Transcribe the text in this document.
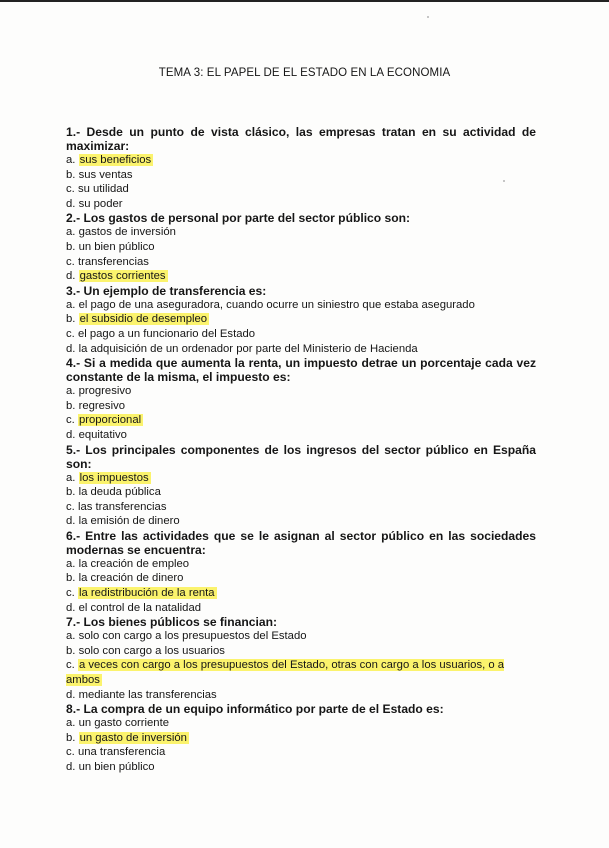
TEMA 3: EL PAPEL DE EL ESTADO EN LA ECONOMIA
1.- Desde un punto de vista clásico, las empresas tratan en su actividad de maximizar:
a. sus beneficios
b. sus ventas
c. su utilidad
d. su poder
2.- Los gastos de personal por parte del sector público son:
a. gastos de inversión
b. un bien público
c. transferencias
d. gastos corrientes
3.- Un ejemplo de transferencia es:
a. el pago de una aseguradora, cuando ocurre un siniestro que estaba asegurado
b. el subsidio de desempleo
c. el pago a un funcionario del Estado
d. la adquisición de un ordenador por parte del Ministerio de Hacienda
4.- Si a medida que aumenta la renta, un impuesto detrae un porcentaje cada vez constante de la misma, el impuesto es:
a. progresivo
b. regresivo
c. proporcional
d. equitativo
5.- Los principales componentes de los ingresos del sector público en España son:
a. los impuestos
b. la deuda pública
c. las transferencias
d. la emisión de dinero
6.- Entre las actividades que se le asignan al sector público en las sociedades modernas se encuentra:
a. la creación de empleo
b. la creación de dinero
c. la redistribución de la renta
d. el control de la natalidad
7.- Los bienes públicos se financian:
a. solo con cargo a los presupuestos del Estado
b. solo con cargo a los usuarios
c. a veces con cargo a los presupuestos del Estado, otras con cargo a los usuarios, o a ambos
d. mediante las transferencias
8.- La compra de un equipo informático por parte de el Estado es:
a. un gasto corriente
b. un gasto de inversión
c. una transferencia
d. un bien público
